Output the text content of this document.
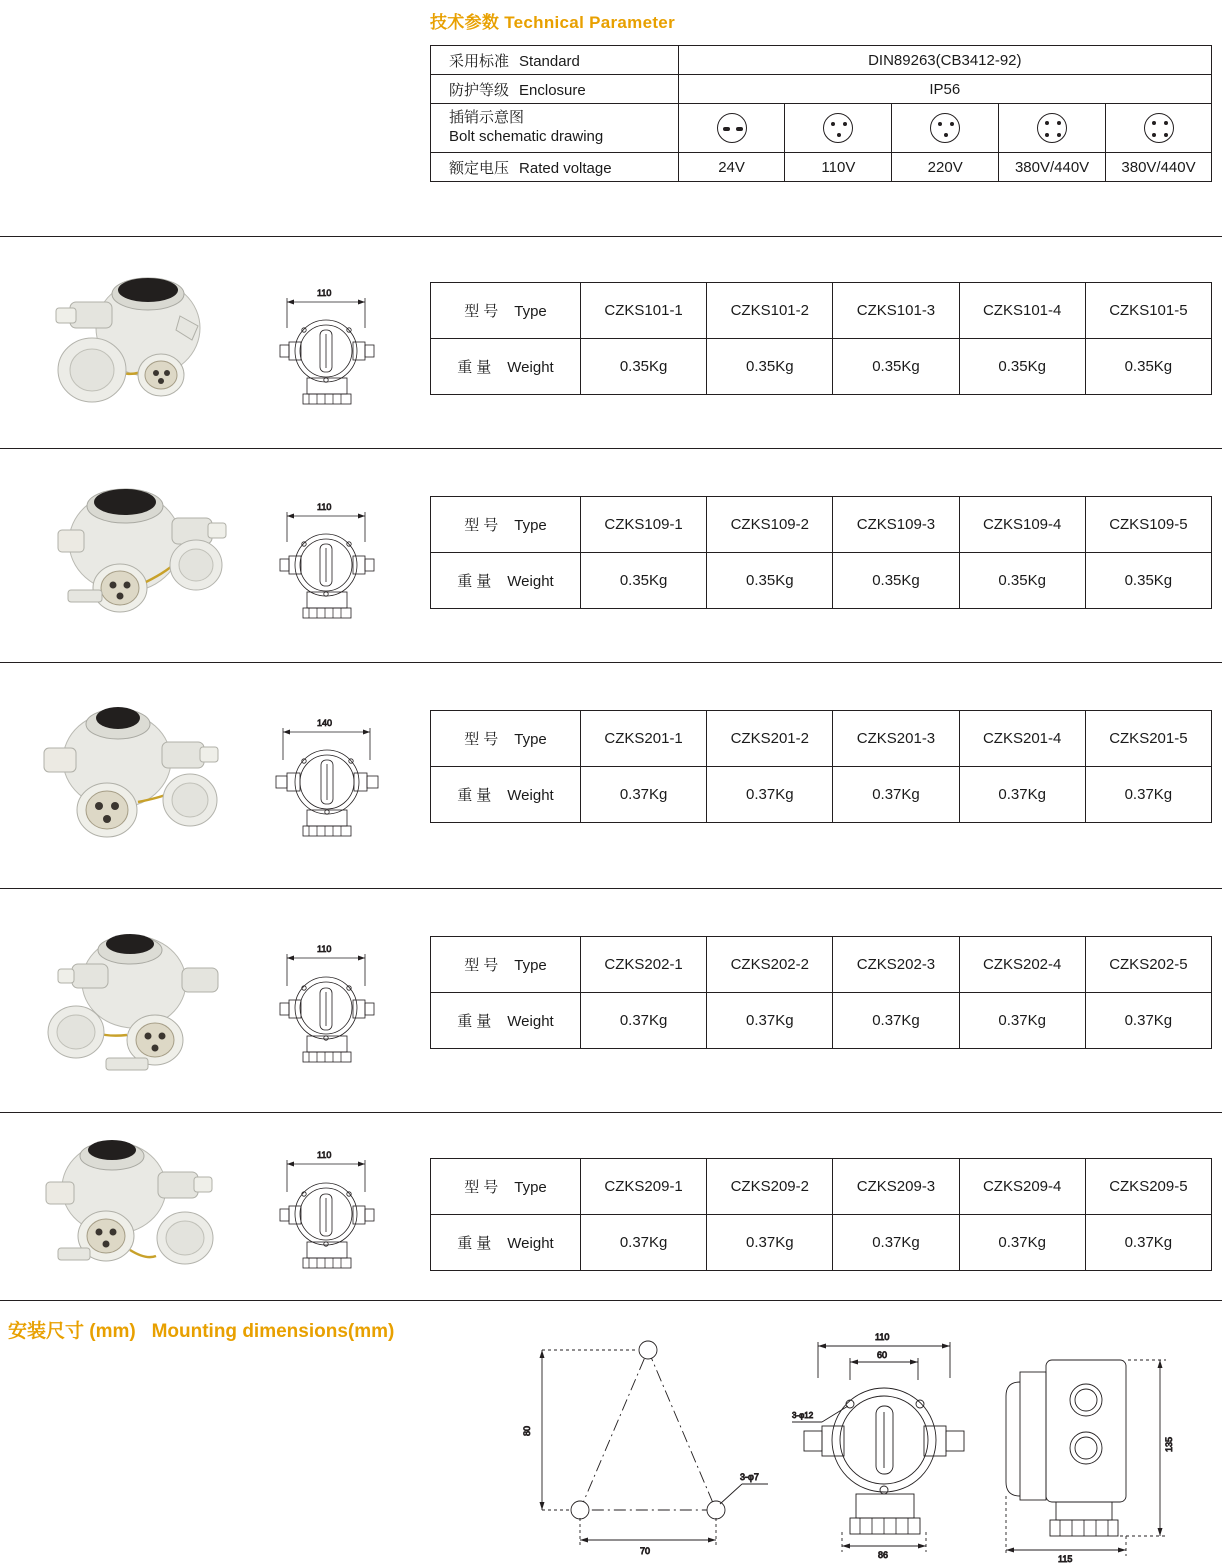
技术参数 Technical Parameter
采用标准 Standard	DIN89263(CB3412-92)				
防护等级 Enclosure	IP56				

插销示意图
Bolt schematic drawing					

额定电压 Rated voltage	24V	110V	220V	380V/440V	380V/440V
110
型号 Type	CZKS101-1	CZKS101-2	CZKS101-3	CZKS101-4	CZKS101-5
重量 Weight	0.35Kg	0.35Kg	0.35Kg	0.35Kg	0.35Kg
110
型号 Type	CZKS109-1	CZKS109-2	CZKS109-3	CZKS109-4	CZKS109-5
重量 Weight	0.35Kg	0.35Kg	0.35Kg	0.35Kg	0.35Kg
140
型号 Type	CZKS201-1	CZKS201-2	CZKS201-3	CZKS201-4	CZKS201-5
重量 Weight	0.37Kg	0.37Kg	0.37Kg	0.37Kg	0.37Kg
110
型号 Type	CZKS202-1	CZKS202-2	CZKS202-3	CZKS202-4	CZKS202-5
重量 Weight	0.37Kg	0.37Kg	0.37Kg	0.37Kg	0.37Kg
110
型号 Type	CZKS209-1	CZKS209-2	CZKS209-3	CZKS209-4	CZKS209-5
重量 Weight	0.37Kg	0.37Kg	0.37Kg	0.37Kg	0.37Kg
安装尺寸 (mm) Mounting dimensions(mm)
80
70
3-φ7
110
60
3-φ12
86
135
115
